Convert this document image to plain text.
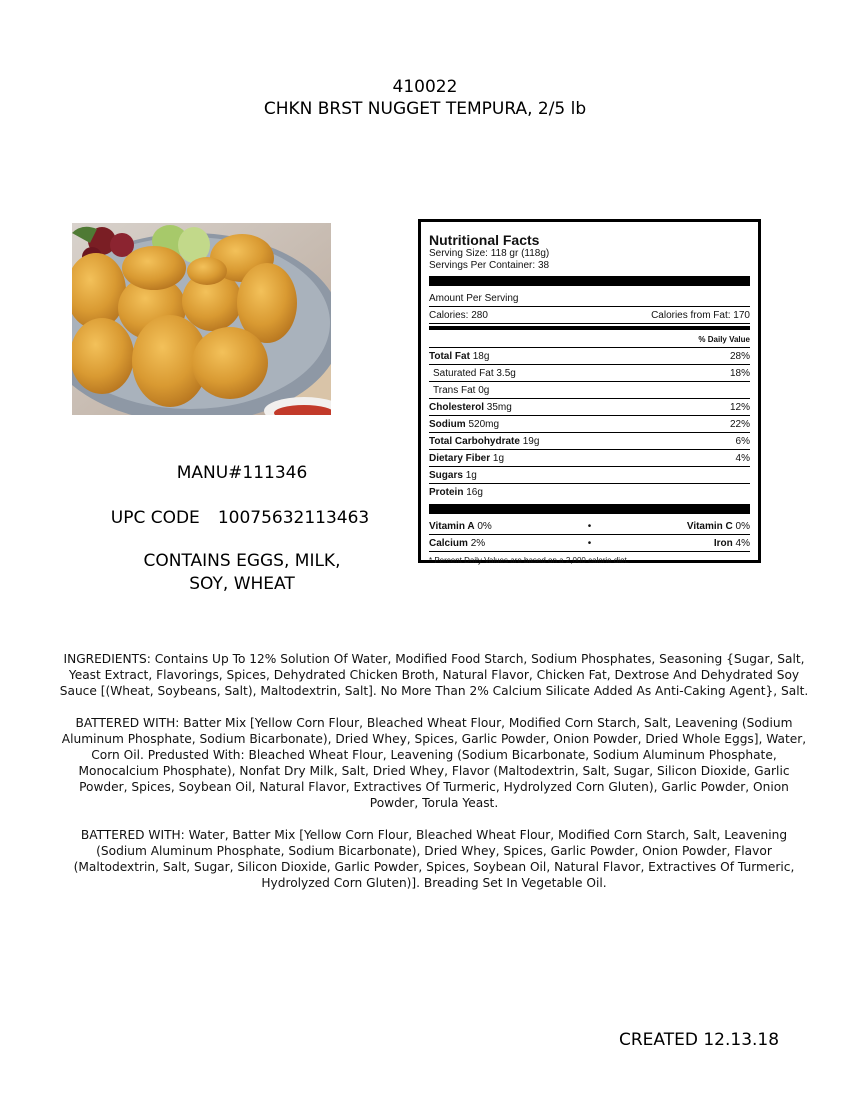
410022
CHKN BRST NUGGET TEMPURA, 2/5 lb
MANU#111346
UPC CODE 10075632113463
CONTAINS EGGS, MILK,
SOY, WHEAT
Nutritional Facts
Serving Size: 118 gr (118g)
Servings Per Container: 38
Amount Per Serving
Calories: 280	Calories from Fat: 170
% Daily Value
Total Fat 18g	28%
Saturated Fat 3.5g	18%
Trans Fat 0g
Cholesterol 35mg	12%
Sodium 520mg	22%
Total Carbohydrate 19g	6%
Dietary Fiber 1g	4%
Sugars 1g
Protein 16g
Vitamin A 0%	•	Vitamin C 0%
Calcium 2%	•	Iron 4%
* Percent Daily Values are based on a 2,000 calorie diet.

INGREDIENTS: Contains Up To 12% Solution Of Water, Modified Food Starch, Sodium Phosphates, Seasoning {Sugar, Salt, Yeast Extract, Flavorings, Spices, Dehydrated Chicken Broth, Natural Flavor, Chicken Fat, Dextrose And Dehydrated Soy Sauce [(Wheat, Soybeans, Salt), Maltodextrin, Salt]. No More Than 2% Calcium Silicate Added As Anti-Caking Agent}, Salt.

BATTERED WITH: Batter Mix [Yellow Corn Flour, Bleached Wheat Flour, Modified Corn Starch, Salt, Leavening (Sodium Aluminum Phosphate, Sodium Bicarbonate), Dried Whey, Spices, Garlic Powder, Onion Powder, Dried Whole Eggs], Water, Corn Oil. Predusted With: Bleached Wheat Flour, Leavening (Sodium Bicarbonate, Sodium Aluminum Phosphate, Monocalcium Phosphate), Nonfat Dry Milk, Salt, Dried Whey, Flavor (Maltodextrin, Salt, Sugar, Silicon Dioxide, Garlic Powder, Spices, Soybean Oil, Natural Flavor, Extractives Of Turmeric, Hydrolyzed Corn Gluten), Garlic Powder, Onion Powder, Torula Yeast.

BATTERED WITH: Water, Batter Mix [Yellow Corn Flour, Bleached Wheat Flour, Modified Corn Starch, Salt, Leavening (Sodium Aluminum Phosphate, Sodium Bicarbonate), Dried Whey, Spices, Garlic Powder, Onion Powder, Flavor (Maltodextrin, Salt, Sugar, Silicon Dioxide, Garlic Powder, Spices, Soybean Oil, Natural Flavor, Extractives Of Turmeric, Hydrolyzed Corn Gluten)]. Breading Set In Vegetable Oil.

CREATED 12.13.18
